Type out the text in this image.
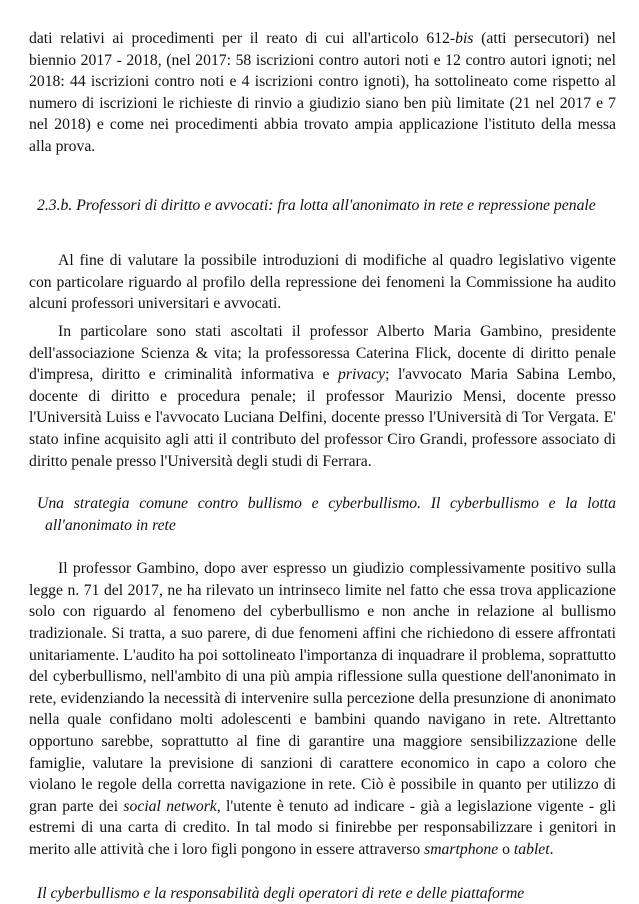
dati relativi ai procedimenti per il reato di cui all'articolo 612-bis (atti persecutori) nel biennio 2017 - 2018, (nel 2017: 58 iscrizioni contro autori noti e 12 contro autori ignoti; nel 2018: 44 iscrizioni contro noti e 4 iscrizioni contro ignoti), ha sottolineato come rispetto al numero di iscrizioni le richieste di rinvio a giudizio siano ben più limitate (21 nel 2017 e 7 nel 2018) e come nei procedimenti abbia trovato ampia applicazione l'istituto della messa alla prova.

2.3.b. Professori di diritto e avvocati: fra lotta all'anonimato in rete e repressione penale

Al fine di valutare la possibile introduzioni di modifiche al quadro legislativo vigente con particolare riguardo al profilo della repressione dei fenomeni la Commissione ha audito alcuni professori universitari e avvocati.

In particolare sono stati ascoltati il professor Alberto Maria Gambino, presidente dell'associazione Scienza & vita; la professoressa Caterina Flick, docente di diritto penale d'impresa, diritto e criminalità informativa e privacy; l'avvocato Maria Sabina Lembo, docente di diritto e procedura penale; il professor Maurizio Mensi, docente presso l'Università Luiss e l'avvocato Luciana Delfini, docente presso l'Università di Tor Vergata. E' stato infine acquisito agli atti il contributo del professor Ciro Grandi, professore associato di diritto penale presso l'Università degli studi di Ferrara.

Una strategia comune contro bullismo e cyberbullismo. Il cyberbullismo e la lotta
all'anonimato in rete

Il professor Gambino, dopo aver espresso un giudizio complessivamente positivo sulla legge n. 71 del 2017, ne ha rilevato un intrinseco limite nel fatto che essa trova applicazione solo con riguardo al fenomeno del cyberbullismo e non anche in relazione al bullismo tradizionale. Si tratta, a suo parere, di due fenomeni affini che richiedono di essere affrontati unitariamente. L'audito ha poi sottolineato l'importanza di inquadrare il problema, soprattutto del cyberbullismo, nell'ambito di una più ampia riflessione sulla questione dell'anonimato in rete, evidenziando la necessità di intervenire sulla percezione della presunzione di anonimato nella quale confidano molti adolescenti e bambini quando navigano in rete. Altrettanto opportuno sarebbe, soprattutto al fine di garantire una maggiore sensibilizzazione delle famiglie, valutare la previsione di sanzioni di carattere economico in capo a coloro che violano le regole della corretta navigazione in rete. Ciò è possibile in quanto per utilizzo di gran parte dei social network, l'utente è tenuto ad indicare - già a legislazione vigente - gli estremi di una carta di credito. In tal modo si finirebbe per responsabilizzare i genitori in merito alle attività che i loro figli pongono in essere attraverso smartphone o tablet.

Il cyberbullismo e la responsabilità degli operatori di rete e delle piattaforme
